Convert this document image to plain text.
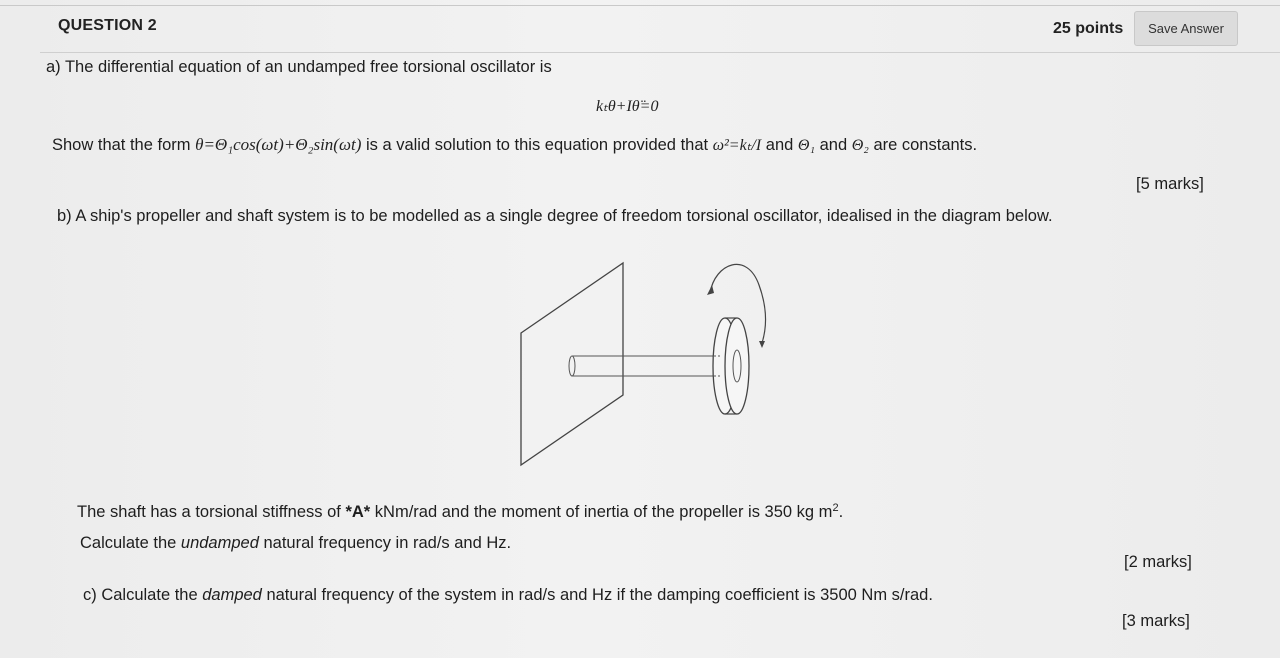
QUESTION 2	25 points	Save Answer
a) The differential equation of an undamped free torsional oscillator is
kₜθ+Iθ̈=0
Show that the form θ=Θ₁cos(ωt)+Θ₂sin(ωt) is a valid solution to this equation provided that ω²=kₜ/I and Θ₁ and Θ₂ are constants.
[5 marks]
b) A ship's propeller and shaft system is to be modelled as a single degree of freedom torsional oscillator, idealised in the diagram below.
The shaft has a torsional stiffness of *A* kNm/rad and the moment of inertia of the propeller is 350 kg $m^2$.
Calculate the undamped natural frequency in rad/s and Hz.
[2 marks]
c) Calculate the damped natural frequency of the system in rad/s and Hz if the damping coefficient is 3500 Nm s/rad.
[3 marks]
